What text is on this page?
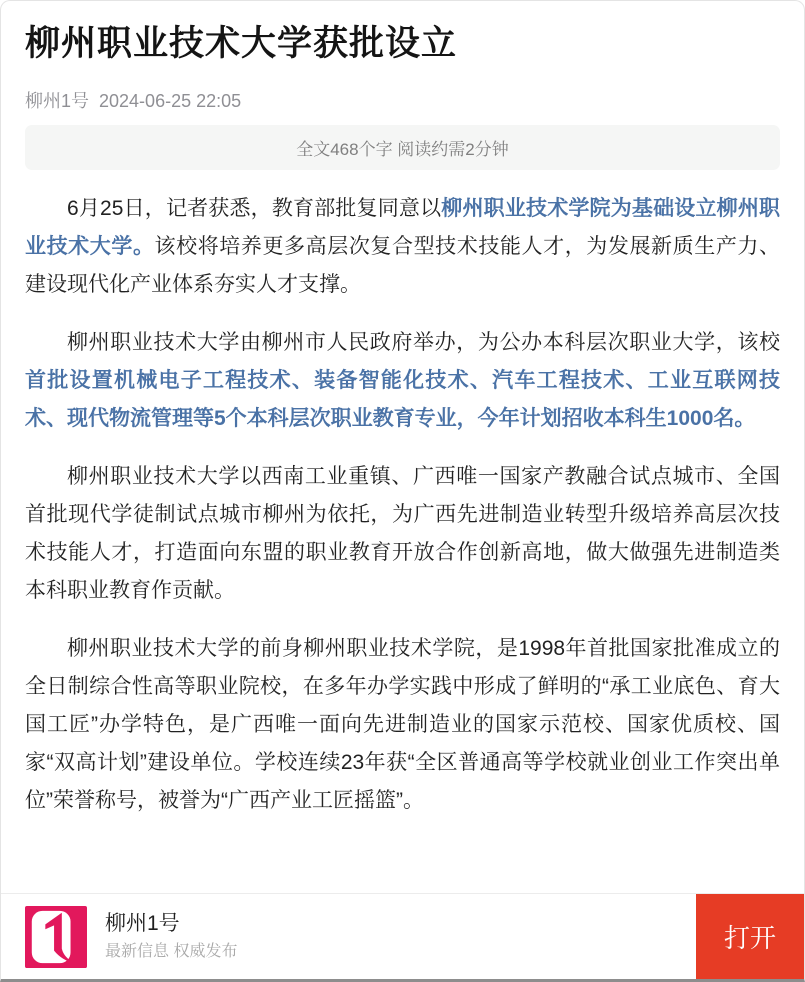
柳州职业技术大学获批设立
柳州1号 2024-06-25 22:05
全文468个字 阅读约需2分钟

6月25日，记者获悉，教育部批复同意以柳州职业技术学院为基础设立柳州职业技术大学。该校将培养更多高层次复合型技术技能人才，为发展新质生产力、建设现代化产业体系夯实人才支撑。

柳州职业技术大学由柳州市人民政府举办，为公办本科层次职业大学，该校首批设置机械电子工程技术、装备智能化技术、汽车工程技术、工业互联网技术、现代物流管理等5个本科层次职业教育专业，今年计划招收本科生1000名。

柳州职业技术大学以西南工业重镇、广西唯一国家产教融合试点城市、全国首批现代学徒制试点城市柳州为依托，为广西先进制造业转型升级培养高层次技术技能人才，打造面向东盟的职业教育开放合作创新高地，做大做强先进制造类本科职业教育作贡献。

柳州职业技术大学的前身柳州职业技术学院，是1998年首批国家批准成立的全日制综合性高等职业院校，在多年办学实践中形成了鲜明的“承工业底色、育大国工匠”办学特色，是广西唯一面向先进制造业的国家示范校、国家优质校、国家“双高计划”建设单位。学校连续23年获“全区普通高等学校就业创业工作突出单位”荣誉称号，被誉为“广西产业工匠摇篮”。

柳州1号
最新信息 权威发布	打开
